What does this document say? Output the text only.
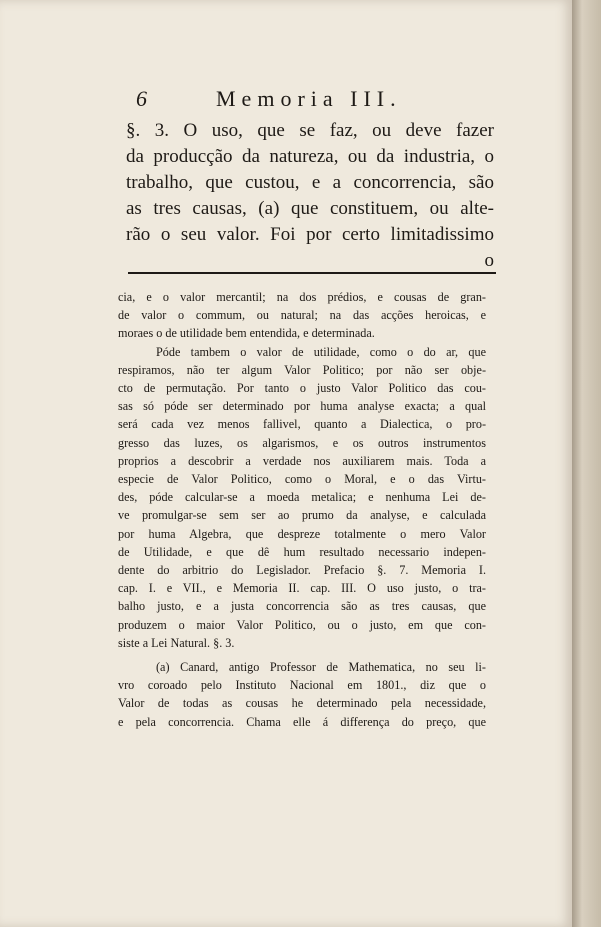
6	Memoria III.
§. 3. O uso, que se faz, ou deve fazer
da producção da natureza, ou da industria, o
trabalho, que custou, e a concorrencia, são
as tres causas, (a) que constituem, ou alte-
rão o seu valor. Foi por certo limitadissimo
o
cia, e o valor mercantil; na dos prédios, e cousas de gran-
de valor o commum, ou natural; na das acções heroicas, e
moraes o de utilidade bem entendida, e determinada.
Póde tambem o valor de utilidade, como o do ar, que
respiramos, não ter algum Valor Politico; por não ser obje-
cto de permutação. Por tanto o justo Valor Politico das cou-
sas só póde ser determinado por huma analyse exacta; a qual
será cada vez menos fallivel, quanto a Dialectica, o pro-
gresso das luzes, os algarismos, e os outros instrumentos
proprios a descobrir a verdade nos auxiliarem mais. Toda a
especie de Valor Politico, como o Moral, e o das Virtu-
des, póde calcular-se a moeda metalica; e nenhuma Lei de-
ve promulgar-se sem ser ao prumo da analyse, e calculada
por huma Algebra, que despreze totalmente o mero Valor
de Utilidade, e que dê hum resultado necessario indepen-
dente do arbitrio do Legislador. Prefacio §. 7. Memoria I.
cap. I. e VII., e Memoria II. cap. III. O uso justo, o tra-
balho justo, e a justa concorrencia são as tres causas, que
produzem o maior Valor Politico, ou o justo, em que con-
siste a Lei Natural. §. 3.
(a) Canard, antigo Professor de Mathematica, no seu li-
vro coroado pelo Instituto Nacional em 1801., diz que o
Valor de todas as cousas he determinado pela necessidade,
e pela concorrencia. Chama elle á differença do preço, que
